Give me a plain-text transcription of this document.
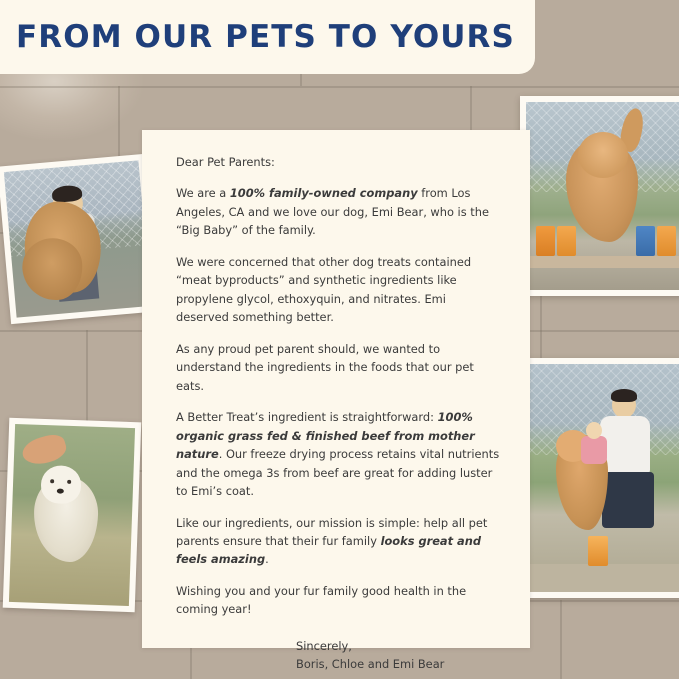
FROM OUR PETS TO YOURS

Dear Pet Parents:

We are a 100% family-owned company from Los Angeles, CA and we love our dog, Emi Bear, who is the “Big Baby” of the family.

We were concerned that other dog treats contained “meat byproducts” and synthetic ingredients like propylene glycol, ethoxyquin, and nitrates. Emi deserved something better.

As any proud pet parent should, we wanted to understand the ingredients in the foods that our pet eats.

A Better Treat’s ingredient is straightforward: 100% organic grass fed & finished beef from mother nature. Our freeze drying process retains vital nutrients and the omega 3s from beef are great for adding luster to Emi’s coat.

Like our ingredients, our mission is simple: help all pet parents ensure that their fur family looks great and feels amazing.

Wishing you and your fur family good health in the coming year!

Sincerely,
Boris, Chloe and Emi Bear
